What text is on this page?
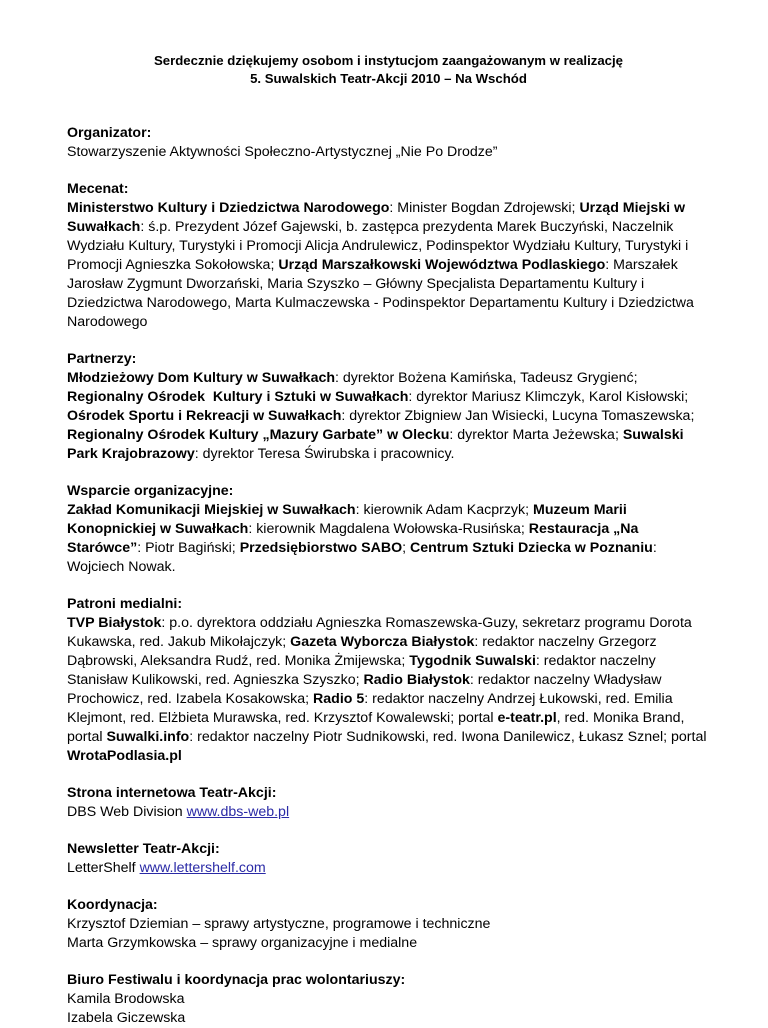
Serdecznie dziękujemy osobom i instytucjom zaangażowanym w realizację
5. Suwalskich Teatr-Akcji 2010 – Na Wschód
Organizator:
Stowarzyszenie Aktywności Społeczno-Artystycznej „Nie Po Drodze”
Mecenat:
Ministerstwo Kultury i Dziedzictwa Narodowego: Minister Bogdan Zdrojewski; Urząd Miejski w Suwałkach: ś.p. Prezydent Józef Gajewski, b. zastępca prezydenta Marek Buczyński, Naczelnik Wydziału Kultury, Turystyki i Promocji Alicja Andrulewicz, Podinspektor Wydziału Kultury, Turystyki i Promocji Agnieszka Sokołowska; Urząd Marszałkowski Województwa Podlaskiego: Marszałek Jarosław Zygmunt Dworzański, Maria Szyszko – Główny Specjalista Departamentu Kultury i Dziedzictwa Narodowego, Marta Kulmaczewska - Podinspektor Departamentu Kultury i Dziedzictwa Narodowego
Partnerzy:
Młodzieżowy Dom Kultury w Suwałkach: dyrektor Bożena Kamińska, Tadeusz Grygienć; Regionalny Ośrodek  Kultury i Sztuki w Suwałkach: dyrektor Mariusz Klimczyk, Karol Kisłowski; Ośrodek Sportu i Rekreacji w Suwałkach: dyrektor Zbigniew Jan Wisiecki, Lucyna Tomaszewska; Regionalny Ośrodek Kultury „Mazury Garbate” w Olecku: dyrektor Marta Jeżewska; Suwalski Park Krajobrazowy: dyrektor Teresa Świrubska i pracownicy.
Wsparcie organizacyjne:
Zakład Komunikacji Miejskiej w Suwałkach: kierownik Adam Kacprzyk; Muzeum Marii Konopnickiej w Suwałkach: kierownik Magdalena Wołowska-Rusińska; Restauracja „Na Starówce”: Piotr Bagiński; Przedsiębiorstwo SABO; Centrum Sztuki Dziecka w Poznaniu: Wojciech Nowak.
Patroni medialni:
TVP Białystok: p.o. dyrektora oddziału Agnieszka Romaszewska-Guzy, sekretarz programu Dorota Kukawska, red. Jakub Mikołajczyk; Gazeta Wyborcza Białystok: redaktor naczelny Grzegorz Dąbrowski, Aleksandra Rudź, red. Monika Żmijewska; Tygodnik Suwalski: redaktor naczelny Stanisław Kulikowski, red. Agnieszka Szyszko; Radio Białystok: redaktor naczelny Władysław Prochowicz, red. Izabela Kosakowska; Radio 5: redaktor naczelny Andrzej Łukowski, red. Emilia Klejmont, red. Elżbieta Murawska, red. Krzysztof Kowalewski; portal e-teatr.pl, red. Monika Brand, portal Suwalki.info: redaktor naczelny Piotr Sudnikowski, red. Iwona Danilewicz, Łukasz Sznel; portal WrotaPodlasia.pl
Strona internetowa Teatr-Akcji:
DBS Web Division www.dbs-web.pl
Newsletter Teatr-Akcji:
LetterShelf www.lettershelf.com
Koordynacja:
Krzysztof Dziemian – sprawy artystyczne, programowe i techniczne
Marta Grzymkowska – sprawy organizacyjne i medialne
Biuro Festiwalu i koordynacja prac wolontariuszy:
Kamila Brodowska
Izabela Giczewska
